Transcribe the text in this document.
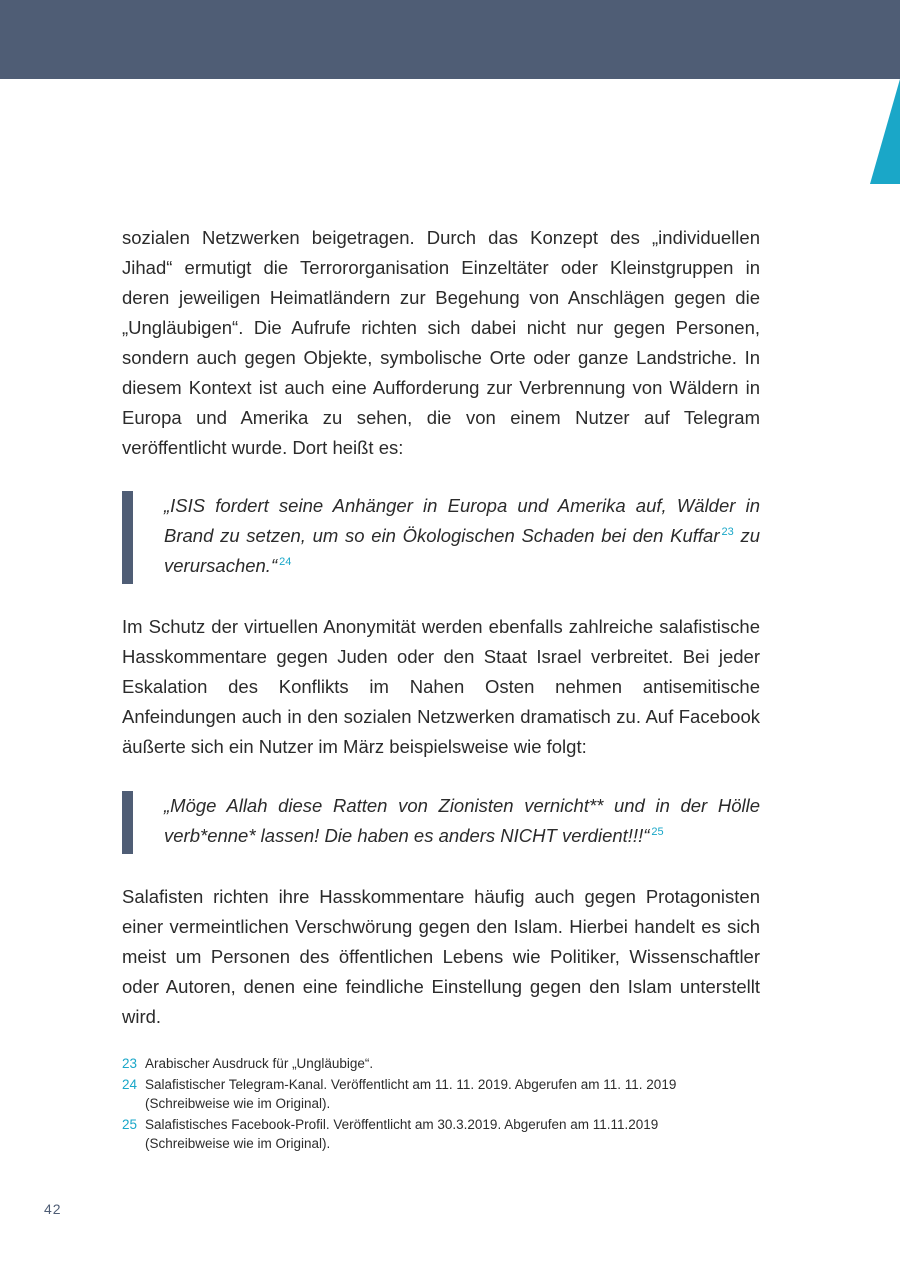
sozialen Netzwerken beigetragen. Durch das Konzept des „individuellen Jihad“ ermutigt die Terrororganisation Einzeltäter oder Kleinstgruppen in deren jeweiligen Heimatländern zur Begehung von Anschlägen gegen die „Ungläubigen“. Die Aufrufe richten sich dabei nicht nur gegen Personen, sondern auch gegen Objekte, symbolische Orte oder ganze Landstriche. In diesem Kontext ist auch eine Aufforderung zur Verbrennung von Wäldern in Europa und Amerika zu sehen, die von einem Nutzer auf Telegram veröffentlicht wurde. Dort heißt es:

„ISIS fordert seine Anhänger in Europa und Amerika auf, Wälder in Brand zu setzen, um so ein Ökologischen Schaden bei den Kuffar $^{23}$ zu verursachen.“ $^{24}$

Im Schutz der virtuellen Anonymität werden ebenfalls zahlreiche salafistische Hasskommentare gegen Juden oder den Staat Israel verbreitet. Bei jeder Eskalation des Konflikts im Nahen Osten nehmen antisemitische Anfeindungen auch in den sozialen Netzwerken dramatisch zu. Auf Facebook äußerte sich ein Nutzer im März beispielsweise wie folgt:

„Möge Allah diese Ratten von Zionisten vernicht** und in der Hölle verb*enne* lassen! Die haben es anders NICHT verdient!!!“ $^{25}$

Salafisten richten ihre Hasskommentare häufig auch gegen Protagonisten einer vermeintlichen Verschwörung gegen den Islam. Hierbei handelt es sich meist um Personen des öffentlichen Lebens wie Politiker, Wissenschaftler oder Autoren, denen eine feindliche Einstellung gegen den Islam unterstellt wird.

23 Arabischer Ausdruck für „Ungläubige“.
24 Salafistischer Telegram-Kanal. Veröffentlicht am 11. 11. 2019. Abgerufen am 11. 11. 2019 (Schreibweise wie im Original).
25 Salafistisches Facebook-Profil. Veröffentlicht am 30.3.2019. Abgerufen am 11.11.2019 (Schreibweise wie im Original).
42
